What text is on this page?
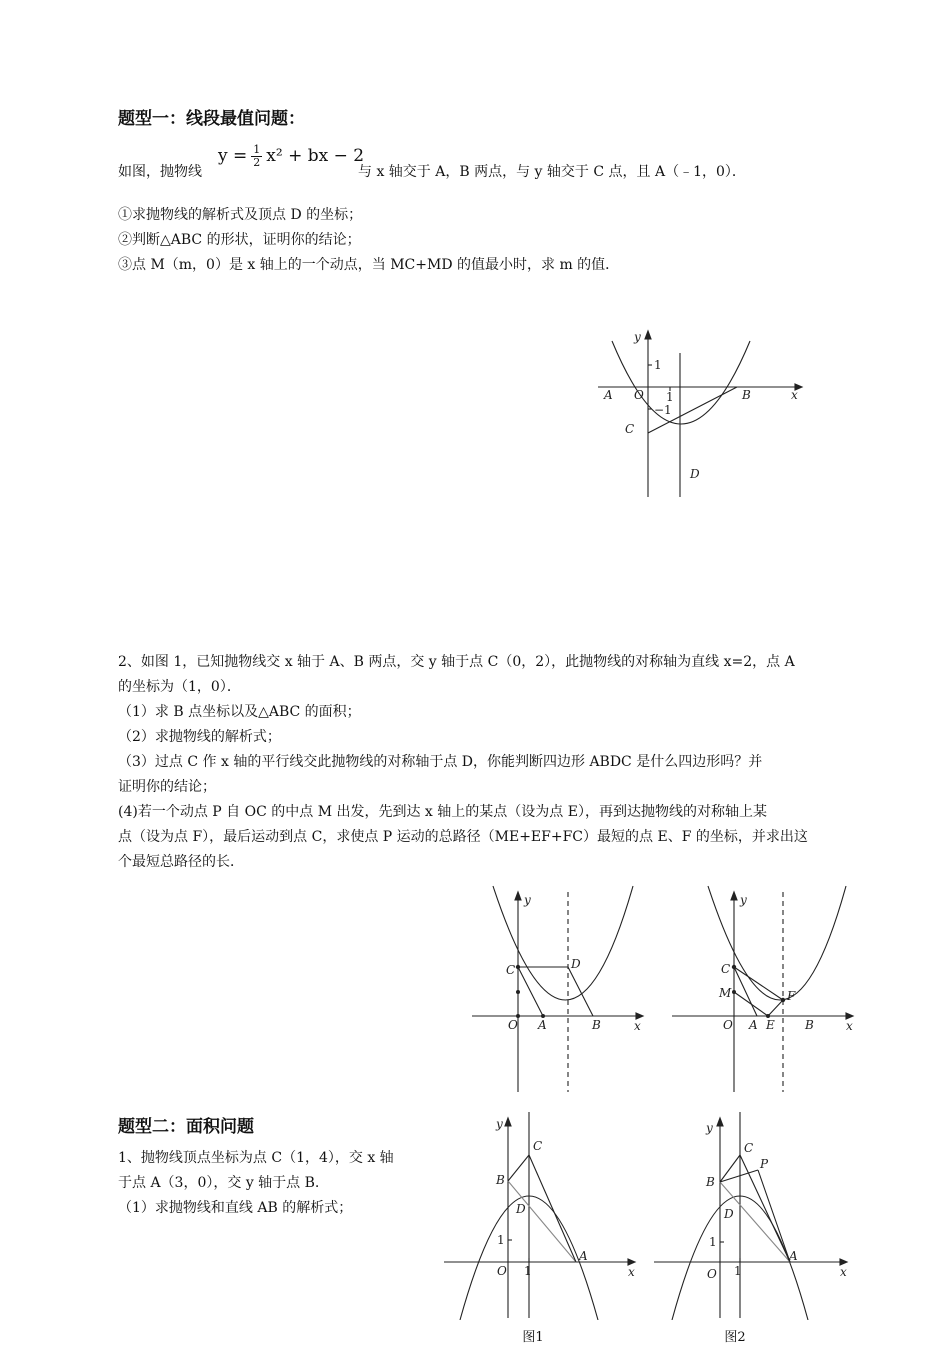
题型一：线段最值问题：
如图，抛物线
$y = \frac{1}{2} x^2$ + bx − 2
与 x 轴交于 A，B 两点，与 y 轴交于 C 点，且 A（﹣1，0）．
①求抛物线的解析式及顶点 D 的坐标；
②判断△ABC 的形状，证明你的结论；
③点 M（m，0）是 x 轴上的一个动点，当 MC+MD 的值最小时，求 m 的值．
y
1
1
−1
A O	B	x
C
D
2、如图 1，已知抛物线交 x 轴于 A、B 两点，交 y 轴于点 C（0，2），此抛物线的对称轴为直线 x=2，点 A
的坐标为（1，0）．
（1）求 B 点坐标以及△ABC 的面积；
（2）求抛物线的解析式；
（3）过点 C 作 x 轴的平行线交此抛物线的对称轴于点 D，你能判断四边形 ABDC 是什么四边形吗？并
证明你的结论；
(4)若一个动点 P 自 OC 的中点 M 出发，先到达 x 轴上的某点（设为点 E），再到达抛物线的对称轴上某
点（设为点 F），最后运动到点 C，求使点 P 运动的总路径（ME+EF+FC）最短的点 E、F 的坐标，并求出这
个最短总路径的长．
y
C	D
O A	B	x
y
C
M	F
O A E	B	x
题型二：面积问题
1、抛物线顶点坐标为点 C（1，4），交 x 轴
于点 A（3，0），交 y 轴于点 B.
（1）求抛物线和直线 AB 的解析式；
y
C
B
D
1
O 1
A
x
图1
y
C
P
B
D
1
O 1
A
x
图2
